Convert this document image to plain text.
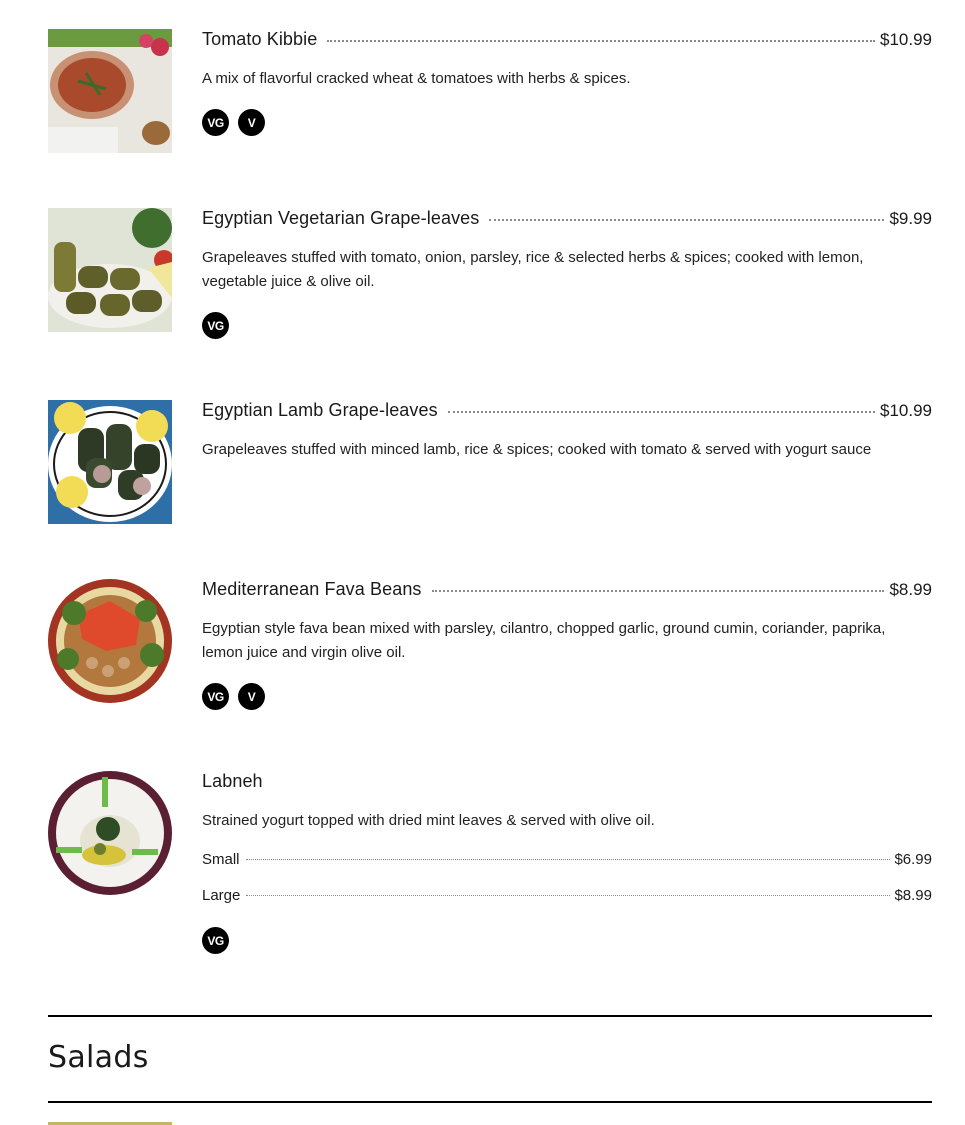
Tomato Kibbie	$10.99
A mix of flavorful cracked wheat & tomatoes with herbs & spices.
VG	V
Egyptian Vegetarian Grape-leaves	$9.99
Grapeleaves stuffed with tomato, onion, parsley, rice & selected herbs & spices; cooked with lemon, vegetable juice & olive oil.
VG
Egyptian Lamb Grape-leaves	$10.99
Grapeleaves stuffed with minced lamb, rice & spices; cooked with tomato & served with yogurt sauce
Mediterranean Fava Beans	$8.99
Egyptian style fava bean mixed with parsley, cilantro, chopped garlic, ground cumin, coriander, paprika, lemon juice and virgin olive oil.
VG	V
Labneh
Strained yogurt topped with dried mint leaves & served with olive oil.
Small	$6.99
Large	$8.99
VG
Salads
